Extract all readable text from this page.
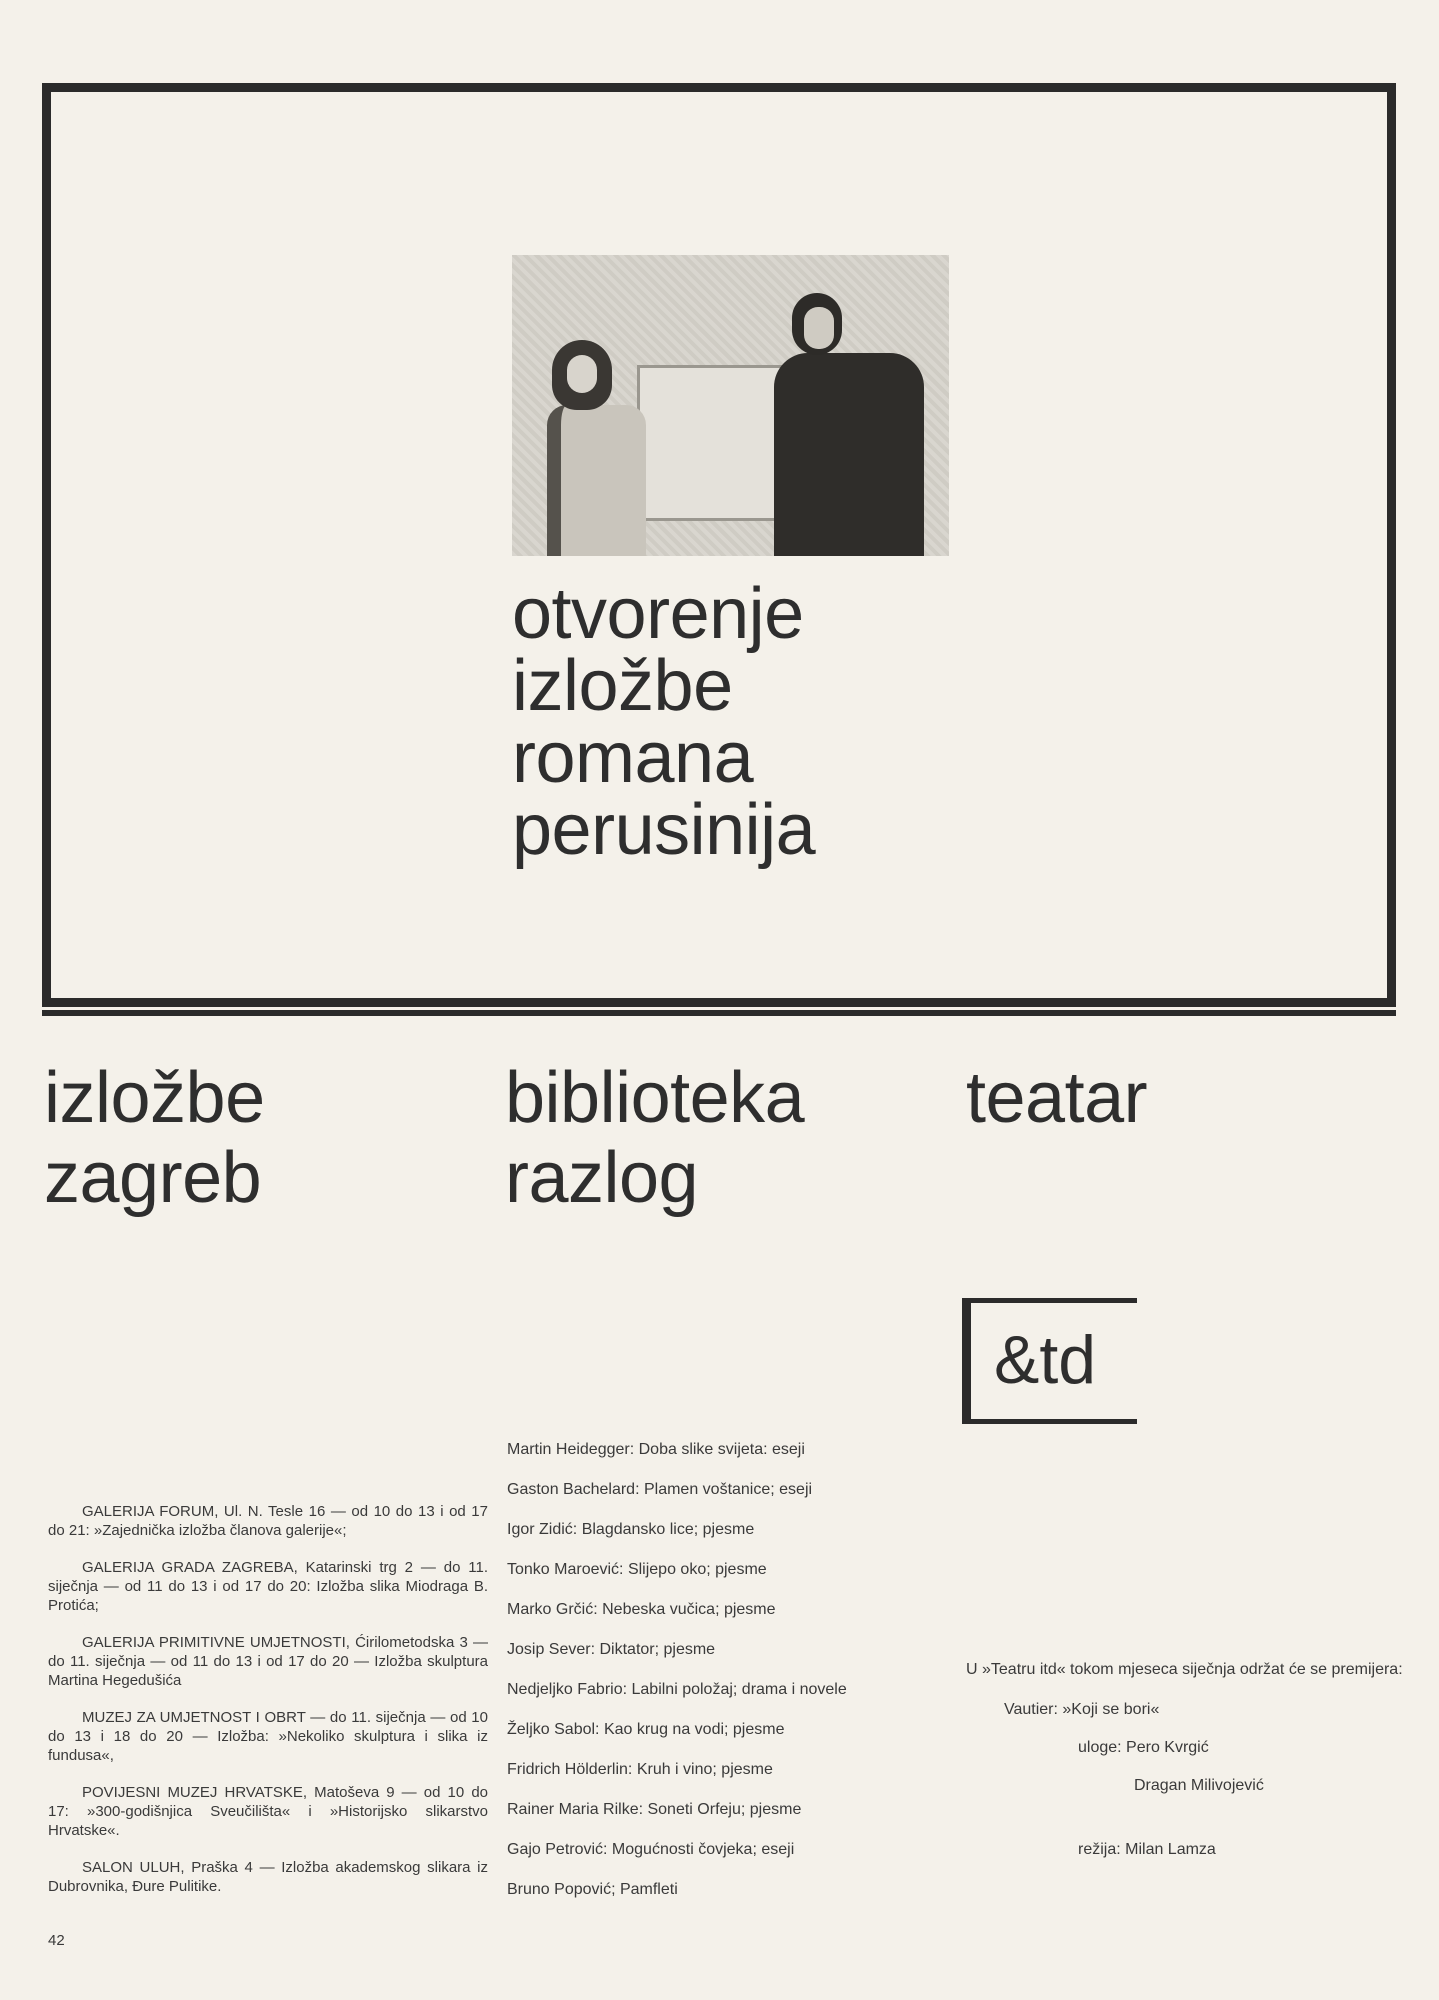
otvorenje
izložbe
romana
perusinija
izložbe
zagreb
biblioteka
razlog
teatar
&td

GALERIJA FORUM, Ul. N. Tesle 16 — od 10 do 13 i od 17 do 21: »Zajednička izložba članova galerije«;

GALERIJA GRADA ZAGREBA, Katarinski trg 2 — do 11. siječnja — od 11 do 13 i od 17 do 20: Izložba slika Miodraga B. Protića;

GALERIJA PRIMITIVNE UMJETNOSTI, Ćirilometodska 3 — do 11. siječnja — od 11 do 13 i od 17 do 20 — Izložba skulptura Martina Hegedušića

MUZEJ ZA UMJETNOST I OBRT — do 11. siječnja — od 10 do 13 i 18 do 20 — Izložba: »Nekoliko skulptura i slika iz fundusa«,

POVIJESNI MUZEJ HRVATSKE, Matoševa 9 — od 10 do 17: »300-godišnjica Sveučilišta« i »Historijsko slikarstvo Hrvatske«.

SALON ULUH, Praška 4 — Izložba akademskog slikara iz Dubrovnika, Đure Pulitike.

Martin Heidegger: Doba slike svijeta: eseji
Gaston Bachelard: Plamen voštanice; eseji
Igor Zidić: Blagdansko lice; pjesme
Tonko Maroević: Slijepo oko; pjesme
Marko Grčić: Nebeska vučica; pjesme
Josip Sever: Diktator; pjesme
Nedjeljko Fabrio: Labilni položaj; drama i novele
Željko Sabol: Kao krug na vodi; pjesme
Fridrich Hölderlin: Kruh i vino; pjesme
Rainer Maria Rilke: Soneti Orfeju; pjesme
Gajo Petrović: Mogućnosti čovjeka; eseji
Bruno Popović; Pamfleti
U »Teatru itd« tokom mjeseca siječnja održat će se premijera:
Vautier: »Koji se bori«
uloge: Pero Kvrgić
Dragan Milivojević
režija: Milan Lamza
42
